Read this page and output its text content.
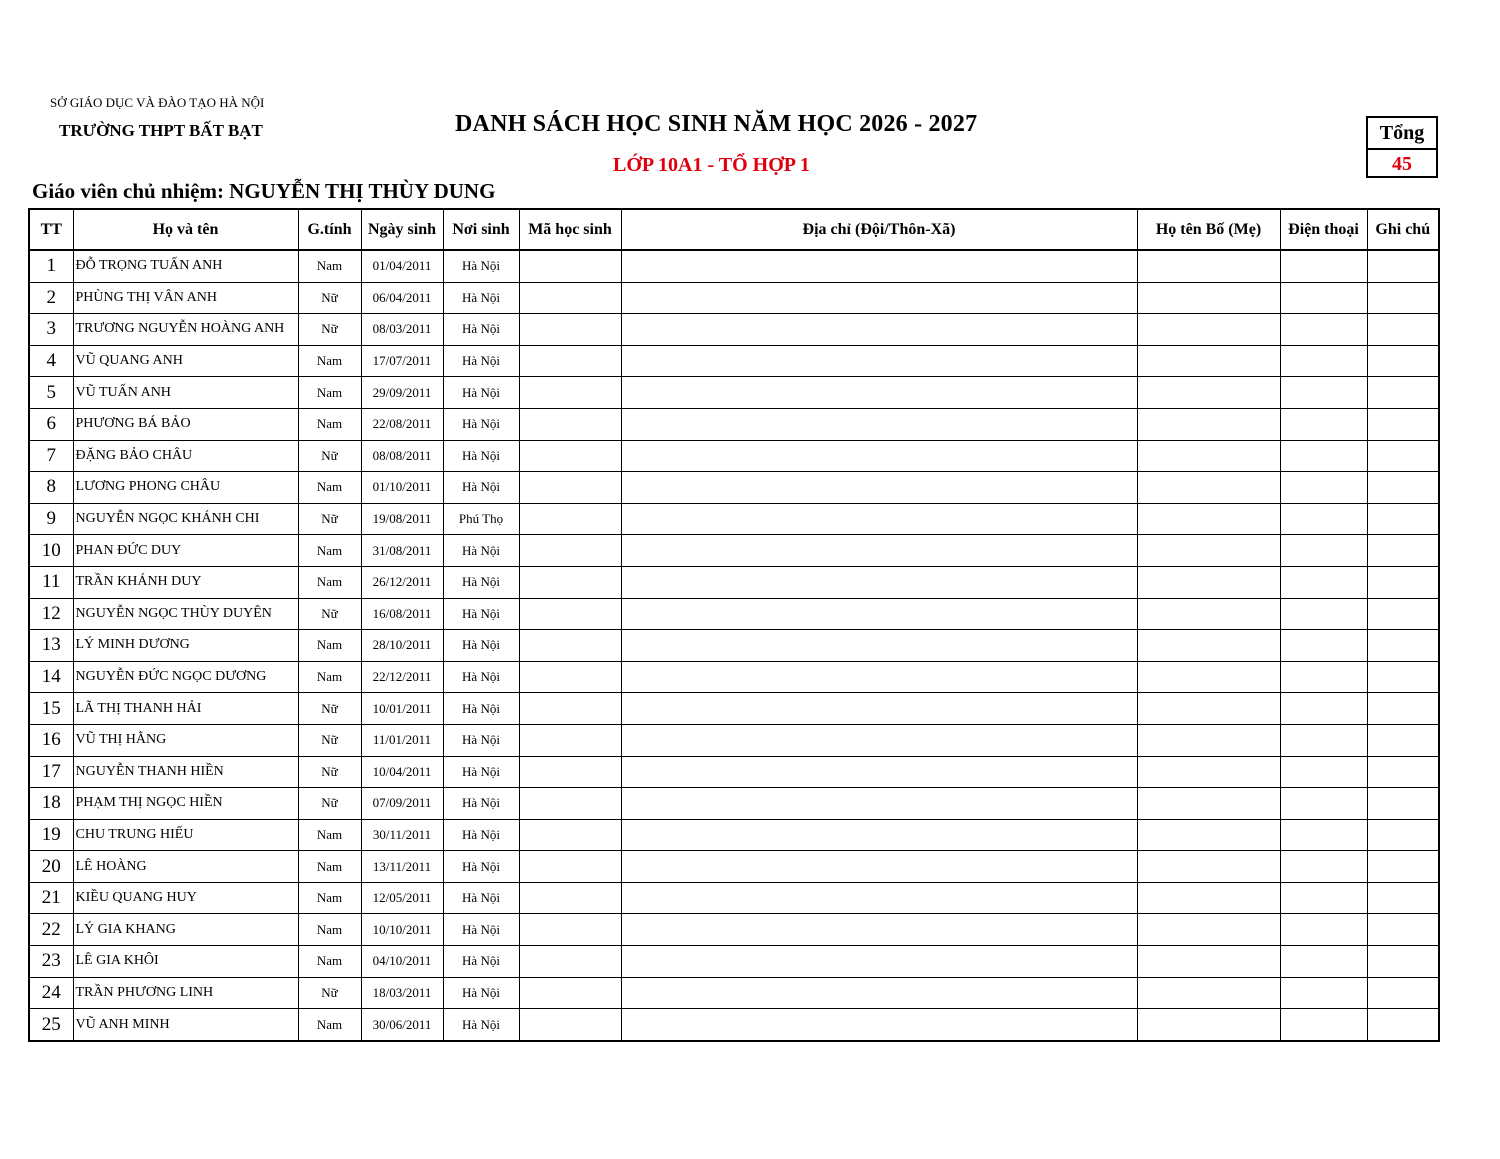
SỞ GIÁO DỤC VÀ ĐÀO TẠO HÀ NỘI
TRƯỜNG THPT BẤT BẠT	DANH SÁCH HỌC SINH NĂM HỌC 2026 - 2027
LỚP 10A1 - TỔ HỢP 1
Giáo viên chủ nhiệm: NGUYỄN THỊ THÙY DUNG
Tổng
45
TT	Họ và tên	G.tính	Ngày sinh	Nơi sinh	Mã học sinh	Địa chỉ (Đội/Thôn-Xã)	Họ tên Bố (Mẹ)	Điện thoại	Ghi chú
1	ĐỖ TRỌNG TUẤN ANH	Nam	01/04/2011	Hà Nội					
2	PHÙNG THỊ VÂN ANH	Nữ	06/04/2011	Hà Nội					
3	TRƯƠNG NGUYỄN HOÀNG ANH	Nữ	08/03/2011	Hà Nội					
4	VŨ QUANG ANH	Nam	17/07/2011	Hà Nội					
5	VŨ TUẤN ANH	Nam	29/09/2011	Hà Nội					
6	PHƯƠNG BÁ BẢO	Nam	22/08/2011	Hà Nội					
7	ĐẶNG BẢO CHÂU	Nữ	08/08/2011	Hà Nội					
8	LƯƠNG PHONG CHÂU	Nam	01/10/2011	Hà Nội					
9	NGUYỄN NGỌC KHÁNH CHI	Nữ	19/08/2011	Phú Thọ					
10	PHAN ĐỨC DUY	Nam	31/08/2011	Hà Nội					
11	TRẦN KHÁNH DUY	Nam	26/12/2011	Hà Nội					
12	NGUYỄN NGỌC THÙY DUYÊN	Nữ	16/08/2011	Hà Nội					
13	LÝ MINH DƯƠNG	Nam	28/10/2011	Hà Nội					
14	NGUYỄN ĐỨC NGỌC DƯƠNG	Nam	22/12/2011	Hà Nội					
15	LÃ THỊ THANH HẢI	Nữ	10/01/2011	Hà Nội					
16	VŨ THỊ HẰNG	Nữ	11/01/2011	Hà Nội					
17	NGUYỄN THANH HIỀN	Nữ	10/04/2011	Hà Nội					
18	PHẠM THỊ NGỌC HIỀN	Nữ	07/09/2011	Hà Nội					
19	CHU TRUNG HIẾU	Nam	30/11/2011	Hà Nội					
20	LÊ HOÀNG	Nam	13/11/2011	Hà Nội					
21	KIỀU QUANG HUY	Nam	12/05/2011	Hà Nội					
22	LÝ GIA KHANG	Nam	10/10/2011	Hà Nội					
23	LÊ GIA KHÔI	Nam	04/10/2011	Hà Nội					
24	TRẦN PHƯƠNG LINH	Nữ	18/03/2011	Hà Nội					
25	VŨ ANH MINH	Nam	30/06/2011	Hà Nội					
